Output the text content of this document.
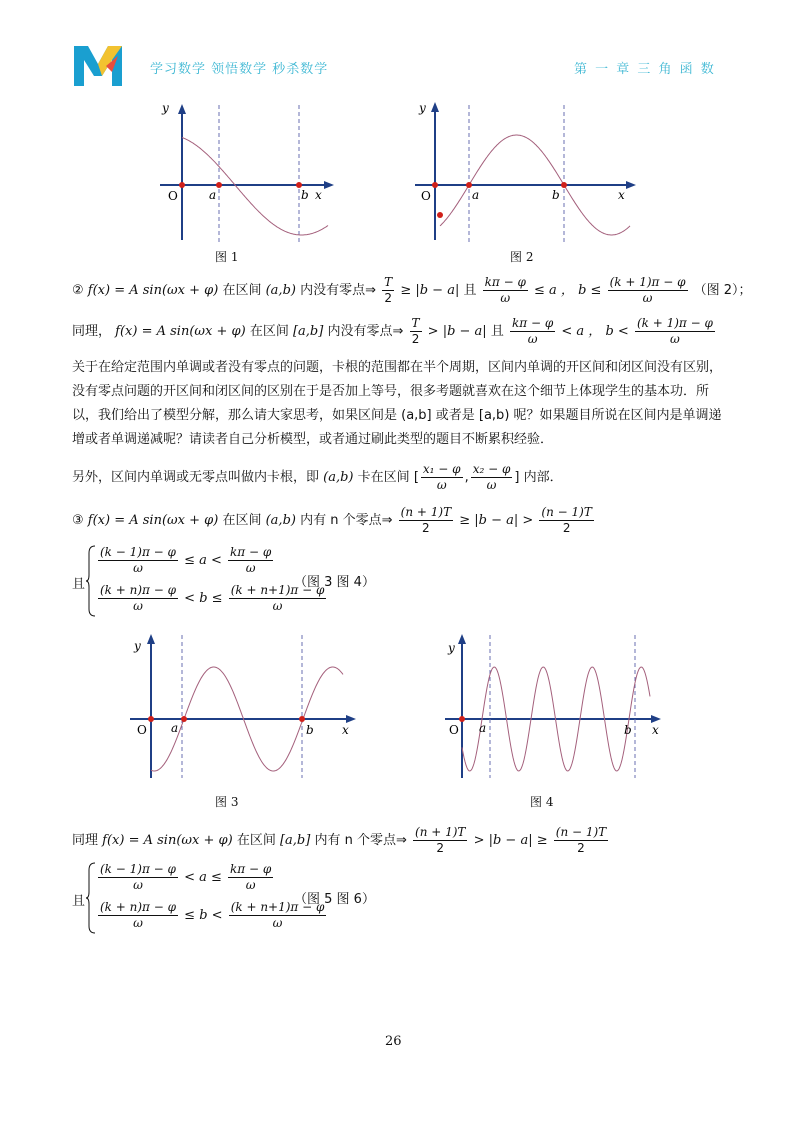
学习数学 领悟数学 秒杀数学	第 一 章 三 角 函 数
y
O	a	b x
图 1
y
O	a	b	x
图 2
② f(x) = A sin(ωx + φ) 在区间 (a,b) 内没有零点⇒ $\frac{T}{2} \ge |b - a|$ 且 $\frac{k\pi - \varphi}{\omega} \le a$ ， $b \le \frac{(k + 1)\pi - \varphi}{\omega}$ （图 2）；
同理， f(x) = A sin(ωx + φ) 在区间 [a,b] 内没有零点⇒ $\frac{T}{2} > |b - a|$ 且 $\frac{k\pi - \varphi}{\omega} < a$ ， $b < \frac{(k + 1)\pi - \varphi}{\omega}$
关于在给定范围内单调或者没有零点的问题，卡根的范围都在半个周期，区间内单调的开区间和闭区间没有区别，没有零点问题的开区间和闭区间的区别在于是否加上等号，很多考题就喜欢在这个细节上体现学生的基本功．所以，我们给出了模型分解，那么请大家思考，如果区间是 (a,b] 或者是 [a,b) 呢？如果题目所说在区间内是单调递增或者单调递减呢？请读者自己分析模型，或者通过刷此类型的题目不断累积经验．
另外，区间内单调或无零点叫做内卡根，即 (a,b) 卡在区间 [ $\frac{\text{x₁ − φ}}{\omega}$ , $\frac{\text{x₂ − φ}}{\omega}$ ] 内部．
③ f(x) = A sin(ωx + φ) 在区间 (a,b) 内有 n 个零点⇒ $\frac{(n + 1)T}{2} \ge |b - a| > \frac{(n - 1)T}{2}$
且
$\frac{(k - 1)\pi - \varphi}{\omega} \le a < \frac{k\pi - \varphi}{\omega}$
$\frac{(k + n)\pi - \varphi}{\omega} < b \le \frac{(k + n+1)\pi - \varphi}{\omega}$
（图 3 图 4）
y
O a	b x
图 3
y
O a	b x
图 4
同理 f(x) = A sin(ωx + φ) 在区间 [a,b] 内有 n 个零点⇒ $\frac{(n + 1)T}{2} > |b - a| \ge \frac{(n - 1)T}{2}$
且
$\frac{(k - 1)\pi - \varphi}{\omega} < a \le \frac{k\pi - \varphi}{\omega}$
$\frac{(k + n)\pi - \varphi}{\omega} \le b < \frac{(k + n+1)\pi - \varphi}{\omega}$
（图 5 图 6）
26
